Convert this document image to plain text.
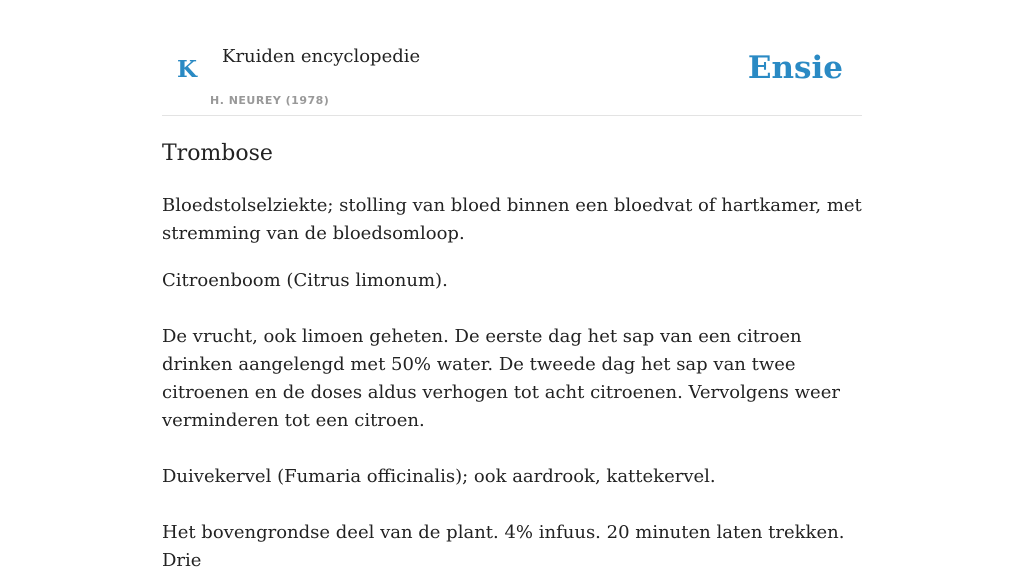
K Kruiden encyclopedie
H. NEUREY (1978)
Ensie
Trombose

Bloedstolselziekte; stolling van bloed binnen een bloedvat of hartkamer, met stremming van de bloedsomloop.

Citroenboom (Citrus limonum).

De vrucht, ook limoen geheten. De eerste dag het sap van een citroen drinken aangelengd met 50% water. De tweede dag het sap van twee citroenen en de doses aldus verhogen tot acht citroenen. Vervolgens weer verminderen tot een citroen.

Duivekervel (Fumaria officinalis); ook aardrook, kattekervel.

Het bovengrondse deel van de plant. 4% infuus. 20 minuten laten trekken. Drie
